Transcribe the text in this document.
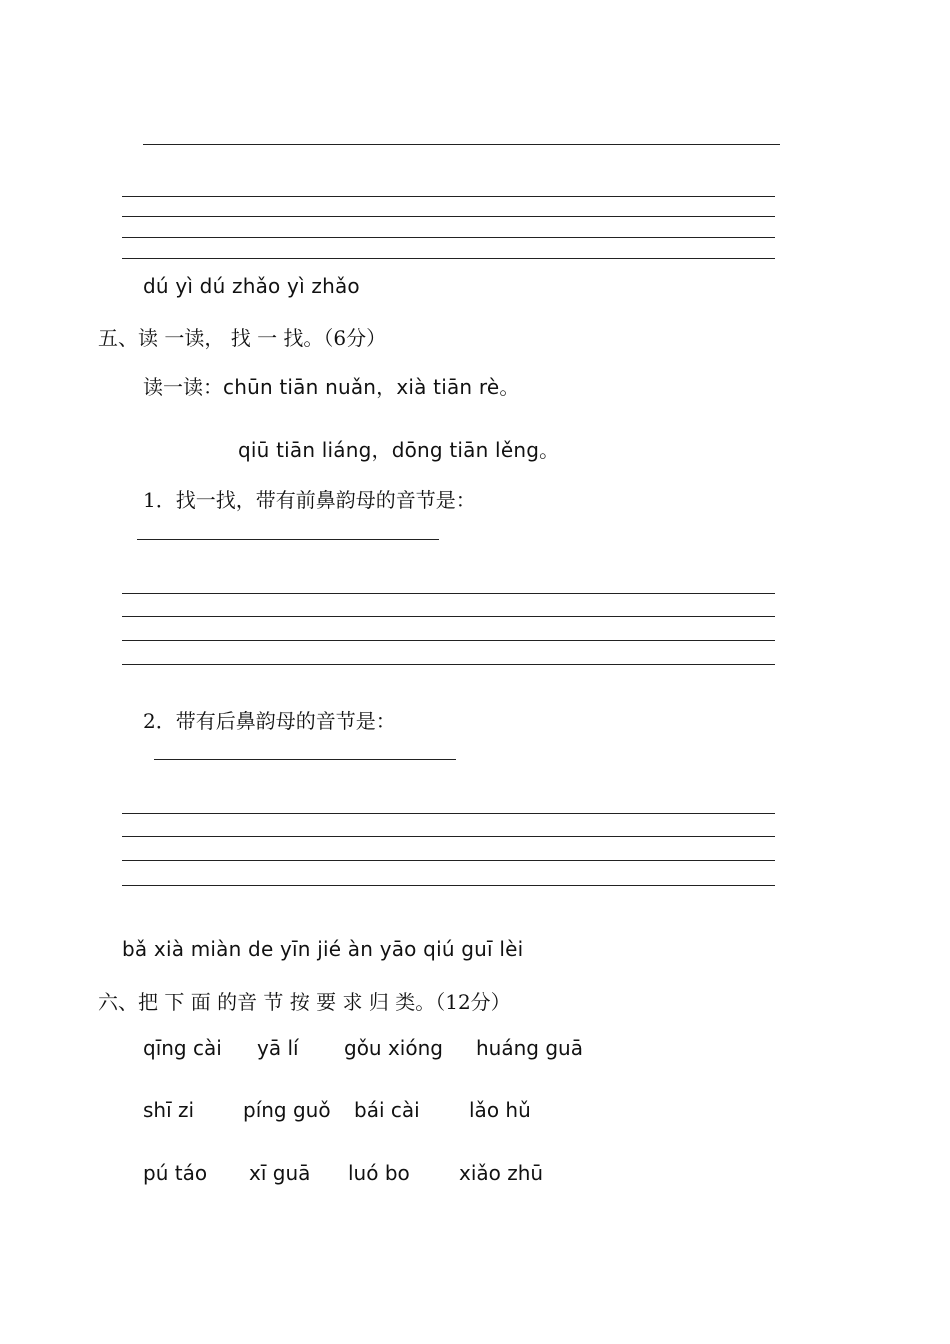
dú yì dú zhǎo yì zhǎo
五、读 一读， 找 一 找。（6分）
读一读：chūn tiān nuǎn，xià tiān rè。
qiū tiān liáng，dōng tiān lěng。
1．找一找，带有前鼻韵母的音节是：
2．带有后鼻韵母的音节是：
bǎ xià miàn de yīn jié àn yāo qiú guī lèi
六、把 下 面 的音 节 按 要 求 归 类。（12分）
qīng cài yā lí gǒu xióng huáng guā
shī zi píng guǒ bái cài lǎo hǔ
pú táo xī guā luó bo xiǎo zhū
